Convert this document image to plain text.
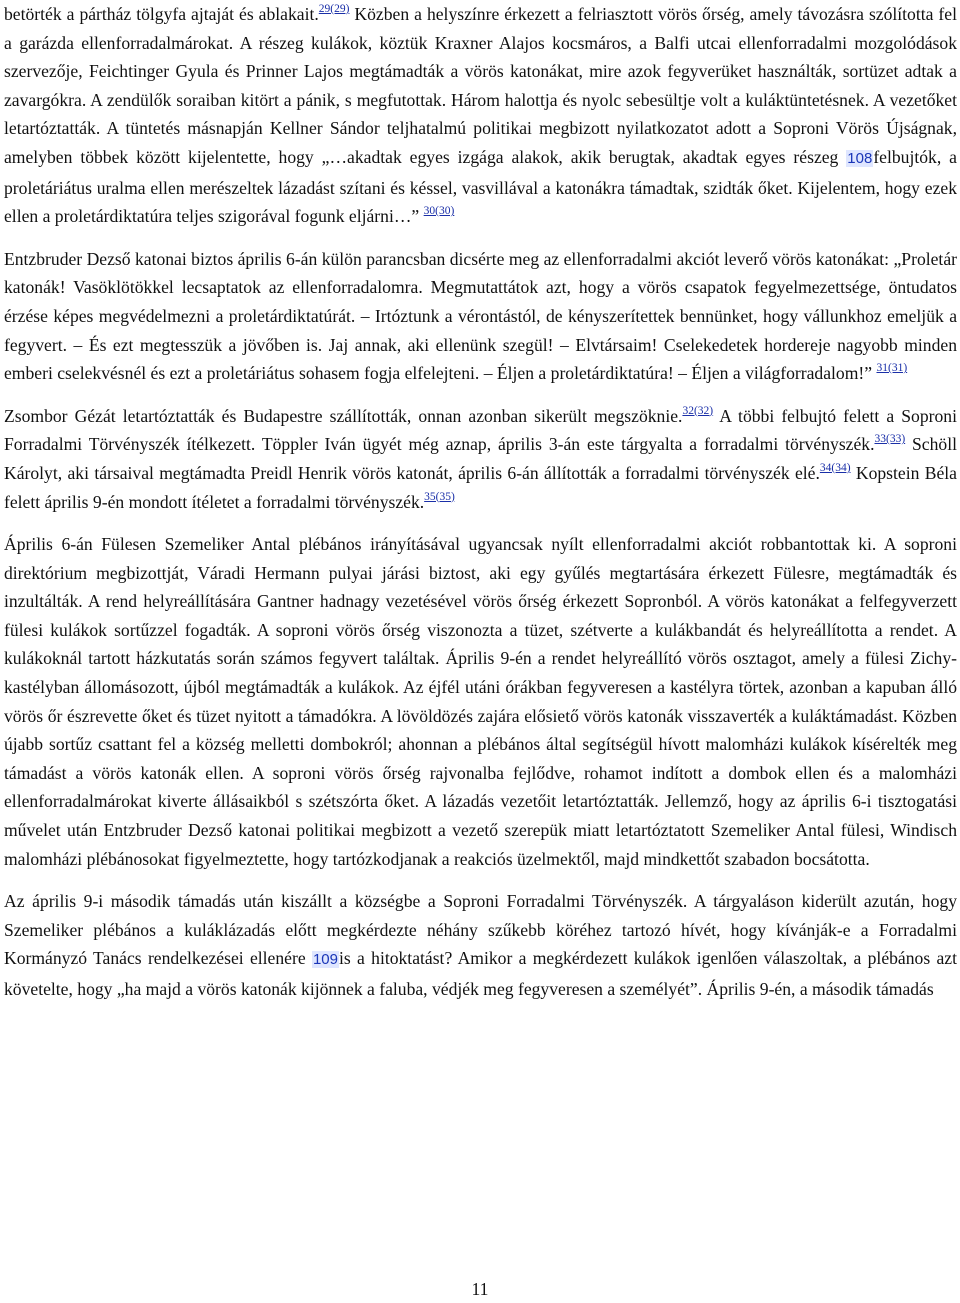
betörték a pártház tölgyfa ajtaját és ablakait.$^{29(29)}$ Közben a helyszínre érkezett a felriasztott vörös őrség, amely távozásra szólította fel a garázda ellenforradalmárokat. A részeg kulákok, köztük Kraxner Alajos kocsmáros, a Balfi utcai ellenforradalmi mozgolódások szervezője, Feichtinger Gyula és Prinner Lajos megtámadták a vörös katonákat, mire azok fegyverüket használták, sortüzet adtak a zavargókra. A zendülők soraiban kitört a pánik, s megfutottak. Három halottja és nyolc sebesültje volt a kuláktüntetésnek. A vezetőket letartóztatták. A tüntetés másnapján Kellner Sándor teljhatalmú politikai megbizott nyilatkozatot adott a Soproni Vörös Újságnak, amelyben többek között kijelentette, hogy „…akadtak egyes izgága alakok, akik berugtak, akadtak egyes részeg 108felbujtók, a proletáriátus uralma ellen merészeltek lázadást szítani és késsel, vasvillával a katonákra támadtak, szidták őket. Kijelentem, hogy ezek ellen a proletárdiktatúra teljes szigorával fogunk eljárni…” $^{30(30)}$

Entzbruder Dezső katonai biztos április 6-án külön parancsban dicsérte meg az ellenforradalmi akciót leverő vörös katonákat: „Proletár katonák! Vasöklötökkel lecsaptatok az ellenforradalomra. Megmutattátok azt, hogy a vörös csapatok fegyelmezettsége, öntudatos érzése képes megvédelmezni a proletárdiktatúrát. – Irtóztunk a vérontástól, de kényszerítettek bennünket, hogy vállunkhoz emeljük a fegyvert. – És ezt megtesszük a jövőben is. Jaj annak, aki ellenünk szegül! – Elvtársaim! Cselekedetek hordereje nagyobb minden emberi cselekvésnél és ezt a proletáriátus sohasem fogja elfelejteni. – Éljen a proletárdiktatúra! – Éljen a világforradalom!” $^{31(31)}$

Zsombor Gézát letartóztatták és Budapestre szállították, onnan azonban sikerült megszöknie.$^{32(32)}$ A többi felbujtó felett a Soproni Forradalmi Törvényszék ítélkezett. Töppler Iván ügyét még aznap, április 3-án este tárgyalta a forradalmi törvényszék.$^{33(33)}$ Schöll Károlyt, aki társaival megtámadta Preidl Henrik vörös katonát, április 6-án állították a forradalmi törvényszék elé.$^{34(34)}$ Kopstein Béla felett április 9-én mondott ítéletet a forradalmi törvényszék.$^{35(35)}$

Április 6-án Fülesen Szemeliker Antal plébános irányításával ugyancsak nyílt ellenforradalmi akciót robbantottak ki. A soproni direktórium megbizottját, Váradi Hermann pulyai járási biztost, aki egy gyűlés megtartására érkezett Fülesre, megtámadták és inzultálták. A rend helyreállítására Gantner hadnagy vezetésével vörös őrség érkezett Sopronból. A vörös katonákat a felfegyverzett fülesi kulákok sortűzzel fogadták. A soproni vörös őrség viszonozta a tüzet, szétverte a kulákbandát és helyreállította a rendet. A kulákoknál tartott házkutatás során számos fegyvert találtak. Április 9-én a rendet helyreállító vörös osztagot, amely a fülesi Zichy-kastélyban állomásozott, újból megtámadták a kulákok. Az éjfél utáni órákban fegyveresen a kastélyra törtek, azonban a kapuban álló vörös őr észrevette őket és tüzet nyitott a támadókra. A lövöldözés zajára elősiető vörös katonák visszaverték a kuláktámadást. Közben újabb sortűz csattant fel a község melletti dombokról; ahonnan a plébános által segítségül hívott malomházi kulákok kísérelték meg támadást a vörös katonák ellen. A soproni vörös őrség rajvonalba fejlődve, rohamot indított a dombok ellen és a malomházi ellenforradalmárokat kiverte állásaikból s szétszórta őket. A lázadás vezetőit letartóztatták. Jellemző, hogy az április 6-i tisztogatási művelet után Entzbruder Dezső katonai politikai megbizott a vezető szerepük miatt letartóztatott Szemeliker Antal fülesi, Windisch malomházi plébánosokat figyelmeztette, hogy tartózkodjanak a reakciós üzelmektől, majd mindkettőt szabadon bocsátotta.

Az április 9-i második támadás után kiszállt a községbe a Soproni Forradalmi Törvényszék. A tárgyaláson kiderült azután, hogy Szemeliker plébános a kuláklázadás előtt megkérdezte néhány szűkebb köréhez tartozó hívét, hogy kívánják-e a Forradalmi Kormányzó Tanács rendelkezései ellenére 109is a hitoktatást? Amikor a megkérdezett kulákok igenlően válaszoltak, a plébános azt követelte, hogy „ha majd a vörös katonák kijönnek a faluba, védjék meg fegyveresen a személyét”. Április 9-én, a második támadás

11
